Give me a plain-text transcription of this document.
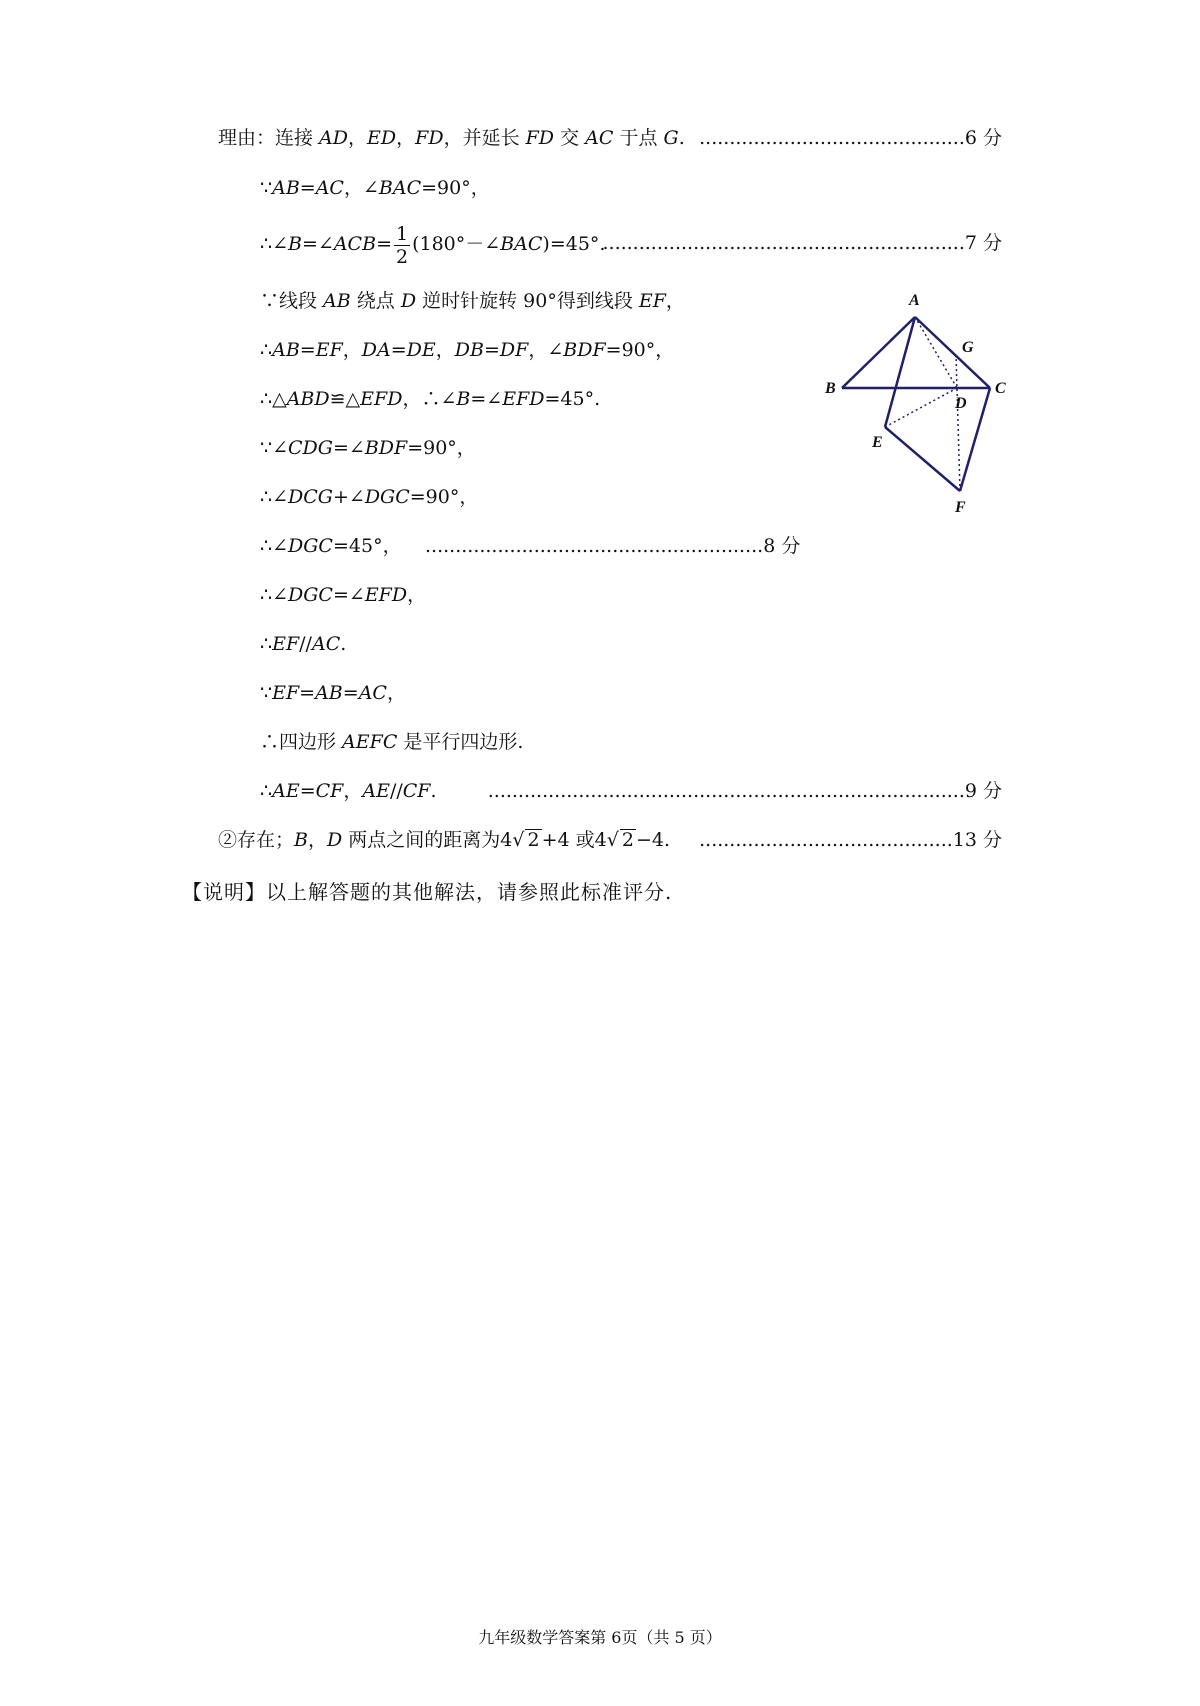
理由：连接 AD，ED，FD，并延长 FD 交 AC 于点 G. ............................................6 分
∵AB=AC，∠BAC=90°，
∴∠B=∠ACB= $\frac{1}{2}$ (180°－∠BAC)=45°.
............................................................7 分
∵线段 AB 绕点 D 逆时针旋转 90°得到线段 EF，
∴AB=EF，DA=DE，DB=DF，∠BDF=90°，
∴△ABD≌△EFD，∴∠B=∠EFD=45°.
∵∠CDG=∠BDF=90°，
∴∠DCG+∠DGC=90°，
∴∠DGC=45°， ........................................................8 分
∴∠DGC=∠EFD，
∴EF//AC.
∵EF=AB=AC，
∴四边形 AEFC 是平行四边形.
∴AE=CF，AE//CF.	...............................................................................9 分
②存在；B，D 两点之间的距离为4√ 2 +4 或4√ 2 −4. ..........................................13 分
【说明】以上解答题的其他解法，请参照此标准评分.
A
B	C
D
E
F
G
九年级数学答案第 6页（共 5 页）
